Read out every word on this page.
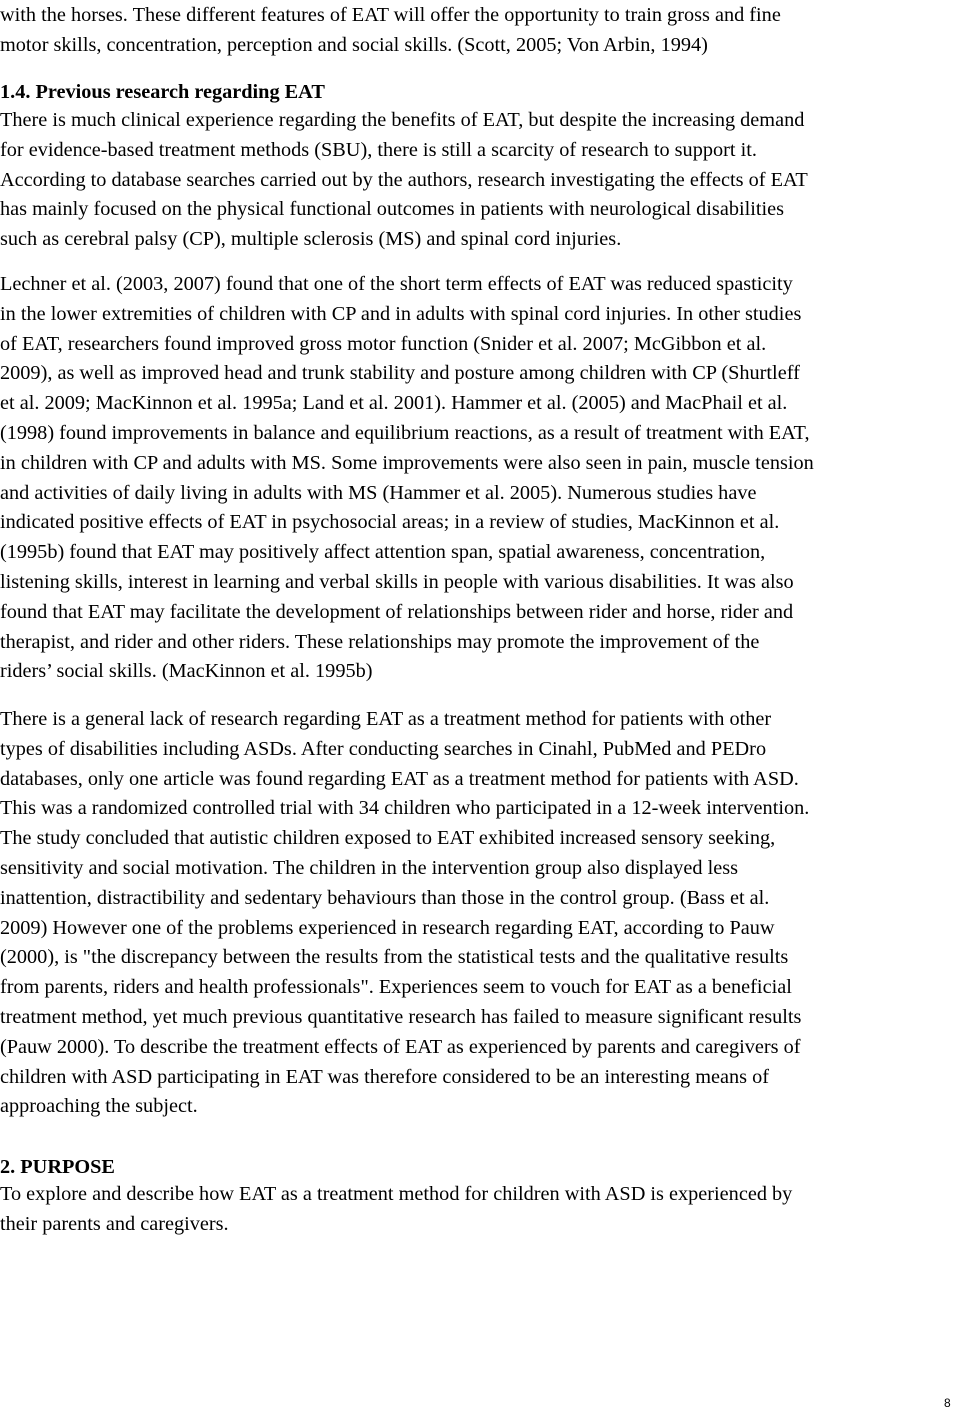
with the horses. These different features of EAT will offer the opportunity to train gross and fine
motor skills, concentration, perception and social skills. (Scott, 2005; Von Arbin, 1994)
1.4. Previous research regarding EAT
There is much clinical experience regarding the benefits of EAT, but despite the increasing demand
for evidence-based treatment methods (SBU), there is still a scarcity of research to support it.
According to database searches carried out by the authors, research investigating the effects of EAT
has mainly focused on the physical functional outcomes in patients with neurological disabilities
such as cerebral palsy (CP), multiple sclerosis (MS) and spinal cord injuries.
Lechner et al. (2003, 2007) found that one of the short term effects of EAT was reduced spasticity
in the lower extremities of children with CP and in adults with spinal cord injuries. In other studies
of EAT, researchers found improved gross motor function (Snider et al. 2007; McGibbon et al.
2009), as well as improved head and trunk stability and posture among children with CP (Shurtleff
et al. 2009; MacKinnon et al. 1995a; Land et al. 2001). Hammer et al. (2005) and MacPhail et al.
(1998) found improvements in balance and equilibrium reactions, as a result of treatment with EAT,
in children with CP and adults with MS. Some improvements were also seen in pain, muscle tension
and activities of daily living in adults with MS (Hammer et al. 2005). Numerous studies have
indicated positive effects of EAT in psychosocial areas; in a review of studies, MacKinnon et al.
(1995b) found that EAT may positively affect attention span, spatial awareness, concentration,
listening skills, interest in learning and verbal skills in people with various disabilities. It was also
found that EAT may facilitate the development of relationships between rider and horse, rider and
therapist, and rider and other riders. These relationships may promote the improvement of the
riders’ social skills. (MacKinnon et al. 1995b)
There is a general lack of research regarding EAT as a treatment method for patients with other
types of disabilities including ASDs. After conducting searches in Cinahl, PubMed and PEDro
databases, only one article was found regarding EAT as a treatment method for patients with ASD.
This was a randomized controlled trial with 34 children who participated in a 12-week intervention.
The study concluded that autistic children exposed to EAT exhibited increased sensory seeking,
sensitivity and social motivation. The children in the intervention group also displayed less
inattention, distractibility and sedentary behaviours than those in the control group. (Bass et al.
2009) However one of the problems experienced in research regarding EAT, according to Pauw
(2000), is "the discrepancy between the results from the statistical tests and the qualitative results
from parents, riders and health professionals". Experiences seem to vouch for EAT as a beneficial
treatment method, yet much previous quantitative research has failed to measure significant results
(Pauw 2000). To describe the treatment effects of EAT as experienced by parents and caregivers of
children with ASD participating in EAT was therefore considered to be an interesting means of
approaching the subject.
2. PURPOSE
To explore and describe how EAT as a treatment method for children with ASD is experienced by
their parents and caregivers.
8
